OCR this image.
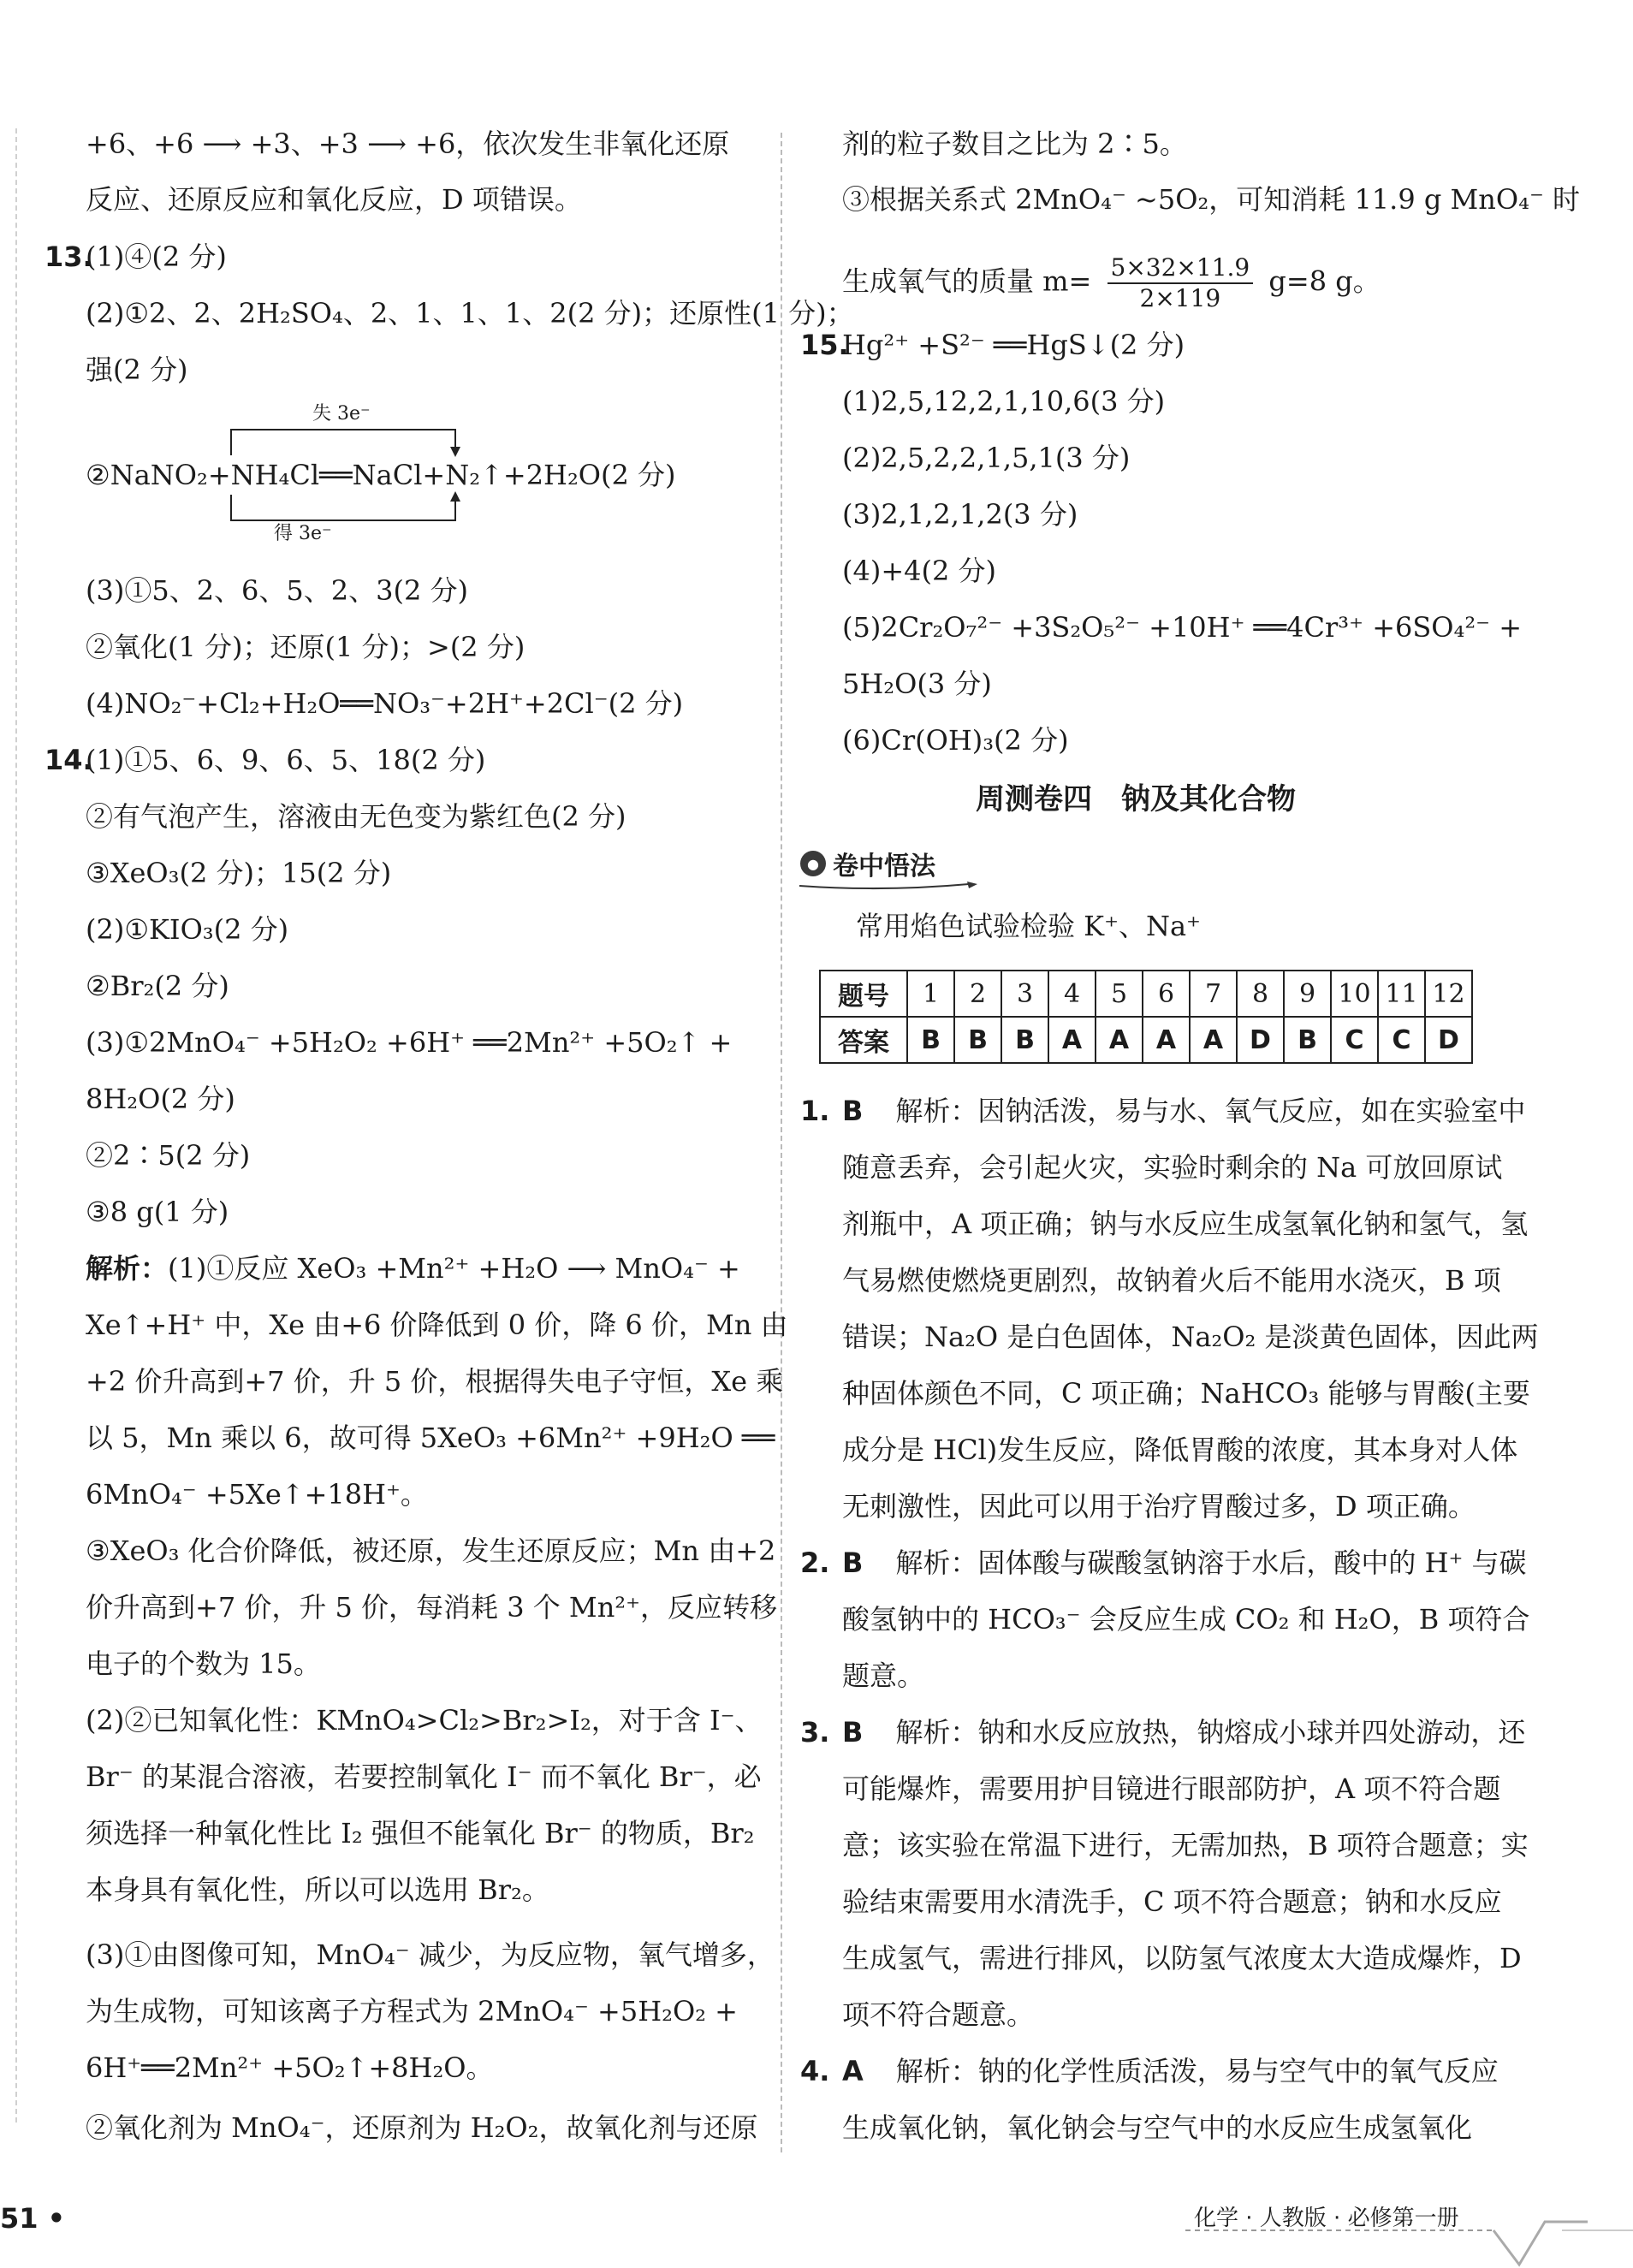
+6、+6 ⟶ +3、+3 ⟶ +6，依次发生非氧化还原
反应、还原反应和氧化反应，D 项错误。
13.
(1)④(2 分)
(2)①2、2、2H₂SO₄、2、1、1、1、2(2 分)；还原性(1 分)；
强(2 分)
失 3e⁻
②NaNO₂+NH₄Cl══NaCl+N₂↑+2H₂O(2 分)
得 3e⁻
(3)①5、2、6、5、2、3(2 分)
②氧化(1 分)；还原(1 分)；>(2 分)
(4)NO₂⁻+Cl₂+H₂O══NO₃⁻+2H⁺+2Cl⁻(2 分)
14.
(1)①5、6、9、6、5、18(2 分)
②有气泡产生，溶液由无色变为紫红色(2 分)
③XeO₃(2 分)；15(2 分)
(2)①KIO₃(2 分)
②Br₂(2 分)
(3)①2MnO₄⁻ +5H₂O₂ +6H⁺ ══2Mn²⁺ +5O₂↑ +
8H₂O(2 分)
②2∶5(2 分)
③8 g(1 分)
解析：(1)①反应 XeO₃ +Mn²⁺ +H₂O ⟶ MnO₄⁻ +
Xe↑+H⁺ 中，Xe 由+6 价降低到 0 价，降 6 价，Mn 由
+2 价升高到+7 价，升 5 价，根据得失电子守恒，Xe 乘
以 5，Mn 乘以 6，故可得 5XeO₃ +6Mn²⁺ +9H₂O ══
6MnO₄⁻ +5Xe↑+18H⁺。
③XeO₃ 化合价降低，被还原，发生还原反应；Mn 由+2
价升高到+7 价，升 5 价，每消耗 3 个 Mn²⁺，反应转移
电子的个数为 15。
(2)②已知氧化性：KMnO₄>Cl₂>Br₂>I₂，对于含 I⁻、
Br⁻ 的某混合溶液，若要控制氧化 I⁻ 而不氧化 Br⁻，必
须选择一种氧化性比 I₂ 强但不能氧化 Br⁻ 的物质，Br₂
本身具有氧化性，所以可以选用 Br₂。
(3)①由图像可知，MnO₄⁻ 减少，为反应物，氧气增多，
为生成物，可知该离子方程式为 2MnO₄⁻ +5H₂O₂ +
6H⁺══2Mn²⁺ +5O₂↑+8H₂O。
②氧化剂为 MnO₄⁻，还原剂为 H₂O₂，故氧化剂与还原
剂的粒子数目之比为 2∶5。
③根据关系式 2MnO₄⁻ ~5O₂，可知消耗 11.9 g MnO₄⁻ 时
生成氧气的质量 $m= \frac{5\times 32\times 11.9}{2\times 119} g=8$ g。
15.
Hg²⁺ +S²⁻ ══HgS↓(2 分)
(1)2,5,12,2,1,10,6(3 分)
(2)2,5,2,2,1,5,1(3 分)
(3)2,1,2,1,2(3 分)
(4)+4(2 分)
(5)2Cr₂O₇²⁻ +3S₂O₅²⁻ +10H⁺ ══4Cr³⁺ +6SO₄²⁻ +
5H₂O(3 分)
(6)Cr(OH)₃(2 分)
周测卷四　钠及其化合物
● 卷中悟法
常用焰色试验检验 K⁺、Na⁺
题号	1	2	3	4	5	6	7	8	9	10	11	12
答案	B	B	B	A	A	A	A	D	B	C	C	D
1. B 解析：因钠活泼，易与水、氧气反应，如在实验室中
随意丢弃，会引起火灾，实验时剩余的 Na 可放回原试
剂瓶中，A 项正确；钠与水反应生成氢氧化钠和氢气，氢
气易燃使燃烧更剧烈，故钠着火后不能用水浇灭，B 项
错误；Na₂O 是白色固体，Na₂O₂ 是淡黄色固体，因此两
种固体颜色不同，C 项正确；NaHCO₃ 能够与胃酸(主要
成分是 HCl)发生反应，降低胃酸的浓度，其本身对人体
无刺激性，因此可以用于治疗胃酸过多，D 项正确。
2. B 解析：固体酸与碳酸氢钠溶于水后，酸中的 H⁺ 与碳
酸氢钠中的 HCO₃⁻ 会反应生成 CO₂ 和 H₂O，B 项符合
题意。
3. B 解析：钠和水反应放热，钠熔成小球并四处游动，还
可能爆炸，需要用护目镜进行眼部防护，A 项不符合题
意；该实验在常温下进行，无需加热，B 项符合题意；实
验结束需要用水清洗手，C 项不符合题意；钠和水反应
生成氢气，需进行排风，以防氢气浓度太大造成爆炸，D
项不符合题意。
4. A 解析：钠的化学性质活泼，易与空气中的氧气反应
生成氧化钠，氧化钠会与空气中的水反应生成氢氧化
51 •	化学 · 人教版 · 必修第一册
